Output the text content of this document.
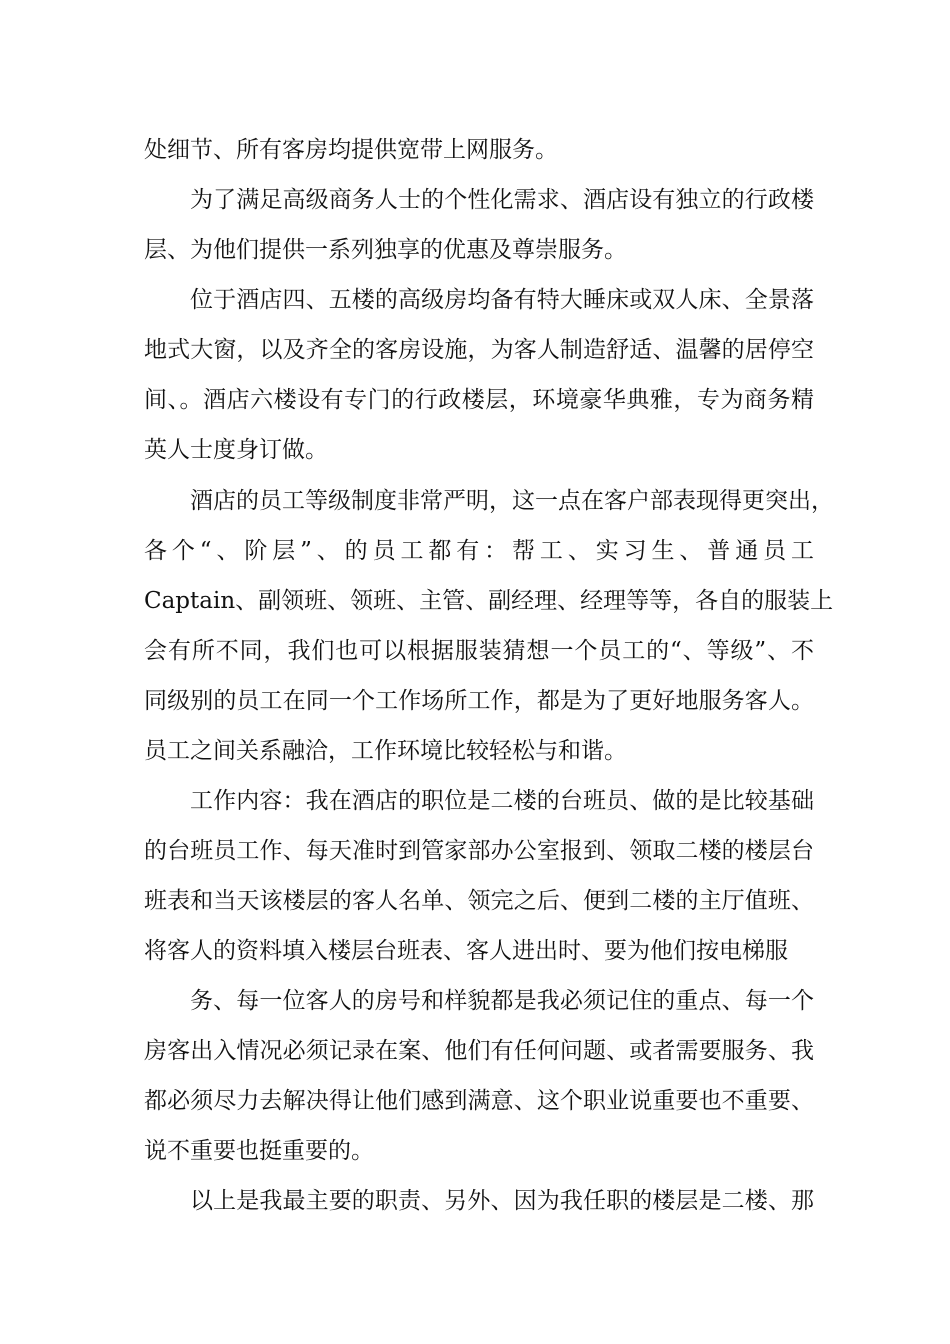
处细节、所有客房均提供宽带上网服务。
为了满足高级商务人士的个性化需求、酒店设有独立的行政楼
层、为他们提供一系列独享的优惠及尊崇服务。
位于酒店四、五楼的高级房均备有特大睡床或双人床、全景落
地式大窗，以及齐全的客房设施，为客人制造舒适、温馨的居停空
间、。酒店六楼设有专门的行政楼层，环境豪华典雅，专为商务精
英人士度身订做。
酒店的员工等级制度非常严明，这一点在客户部表现得更突出，
各个“、阶层”、的员工都有：帮工、实习生、普通员工
Captain、副领班、领班、主管、副经理、经理等等，各自的服装上
会有所不同，我们也可以根据服装猜想一个员工的“、等级”、不
同级别的员工在同一个工作场所工作，都是为了更好地服务客人。
员工之间关系融洽，工作环境比较轻松与和谐。
工作内容：我在酒店的职位是二楼的台班员、做的是比较基础
的台班员工作、每天准时到管家部办公室报到、领取二楼的楼层台
班表和当天该楼层的客人名单、领完之后、便到二楼的主厅值班、
将客人的资料填入楼层台班表、客人进出时、要为他们按电梯服
务、每一位客人的房号和样貌都是我必须记住的重点、每一个
房客出入情况必须记录在案、他们有任何问题、或者需要服务、我
都必须尽力去解决得让他们感到满意、这个职业说重要也不重要、
说不重要也挺重要的。
以上是我最主要的职责、另外、因为我任职的楼层是二楼、那
